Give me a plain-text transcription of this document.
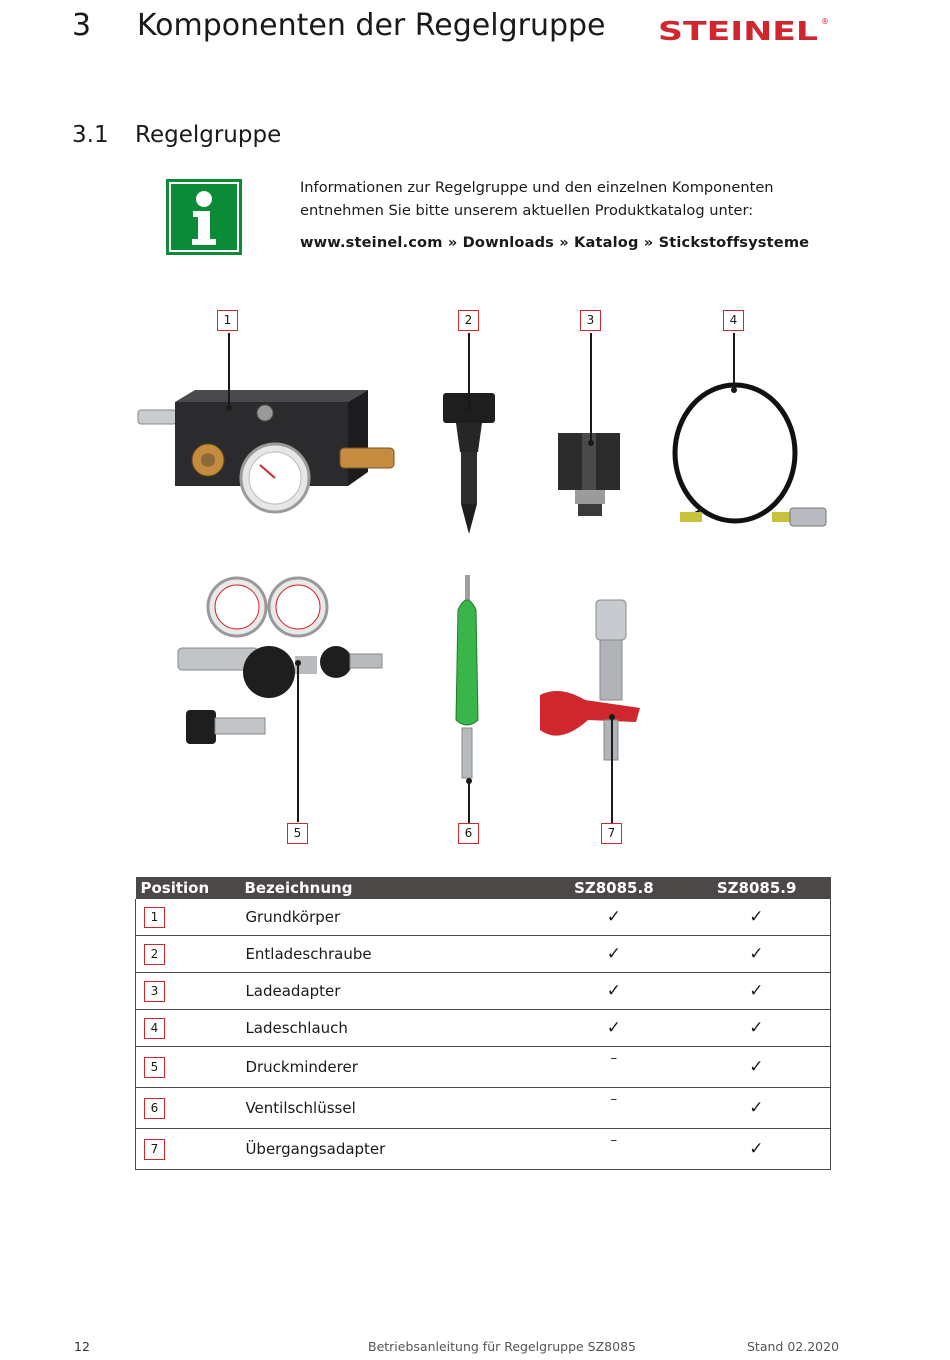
3 Komponenten der Regelgruppe STEINEL ®
3.1 Regelgruppe
Informationen zur Regelgruppe und den einzelnen Komponenten entnehmen Sie bitte unserem aktuellen Produktkatalog unter:
www.steinel.com » Downloads » Katalog » Stickstoffsysteme
1	2	3	4
5	6	7
Position	Bezeichnung	SZ8085.8	SZ8085.9
1	Grundkörper	✓	✓
2	Entladeschraube	✓	✓
3	Ladeadapter	✓	✓
4	Ladeschlauch	✓	✓
5	Druckminderer	–	✓
6	Ventilschlüssel	–	✓
7	Übergangsadapter	–	✓
12	Betriebsanleitung für Regelgruppe SZ8085	Stand 02.2020
